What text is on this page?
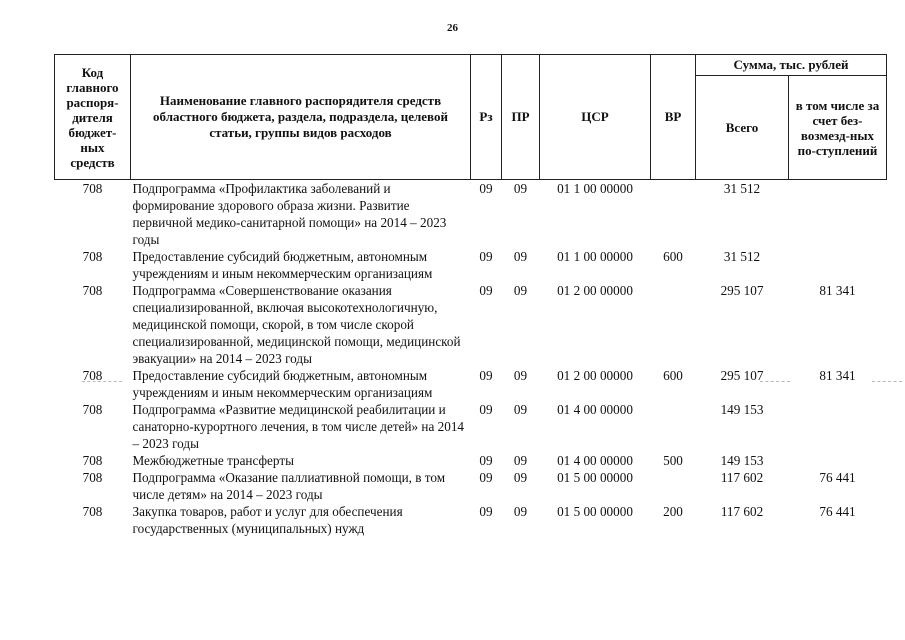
26
Код главного распоря-дителя бюджет-ных средств	Наименование главного распорядителя средств областного бюджета, раздела, подраздела, целевой статьи, группы видов расходов	Рз	ПР	ЦСР	ВР	Сумма, тыс. рублей	
						Всего	в том числе за счет без-возмезд-ных по-ступлений
708	Подпрограмма «Профилактика заболеваний и формирование здорового образа жизни. Развитие первичной медико-санитарной помощи» на 2014 – 2023 годы	09	09	01 1 00 00000		31 512	
708	Предоставление субсидий бюджетным, автономным учреждениям и иным некоммерческим организациям	09	09	01 1 00 00000	600	31 512	
708	Подпрограмма «Совершенствование оказания специализированной, включая высокотехнологичную, медицинской помощи, скорой, в том числе скорой специализированной, медицинской помощи, медицинской эвакуации» на 2014 – 2023 годы	09	09	01 2 00 00000		295 107	81 341
708	Предоставление субсидий бюджетным, автономным учреждениям и иным некоммерческим организациям	09	09	01 2 00 00000	600	295 107	81 341
708	Подпрограмма «Развитие медицинской реабилитации и санаторно-курортного лечения, в том числе детей» на 2014 – 2023 годы	09	09	01 4 00 00000		149 153	
708	Межбюджетные трансферты	09	09	01 4 00 00000	500	149 153	
708	Подпрограмма «Оказание паллиативной помощи, в том числе детям» на 2014 – 2023 годы	09	09	01 5 00 00000		117 602	76 441
708	Закупка товаров, работ и услуг для обеспечения государственных (муниципальных) нужд	09	09	01 5 00 00000	200	117 602	76 441
